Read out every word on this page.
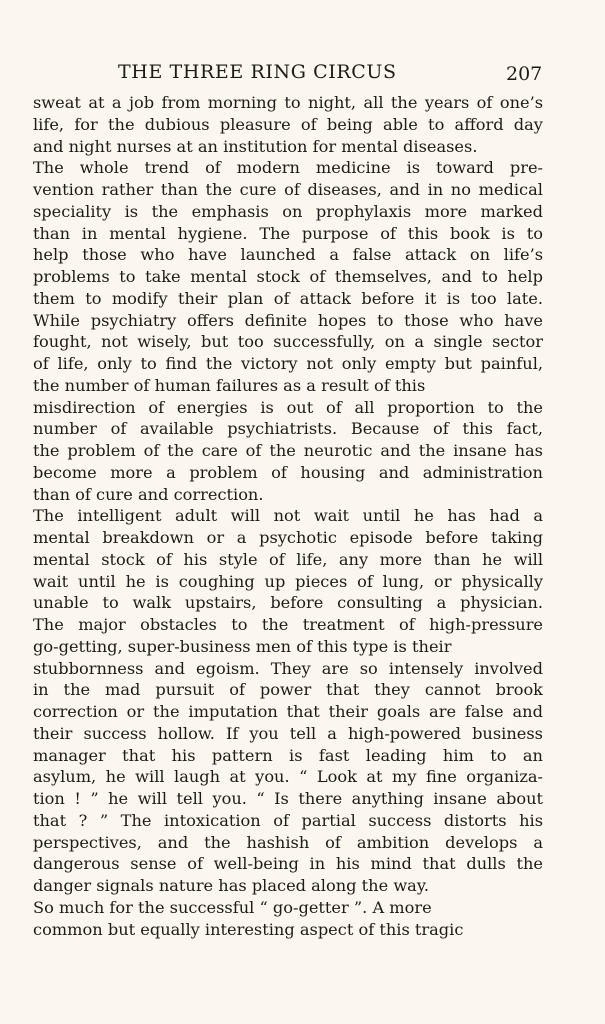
THE THREE RING CIRCUS	207
sweat at a job from morning to night, all the years of one’s
life, for the dubious pleasure of being able to afford day
and night nurses at an institution for mental diseases.
The whole trend of modern medicine is toward pre-
vention rather than the cure of diseases, and in no medical
speciality is the emphasis on prophylaxis more marked
than in mental hygiene. The purpose of this book is to
help those who have launched a false attack on life’s
problems to take mental stock of themselves, and to help
them to modify their plan of attack before it is too late.
While psychiatry offers definite hopes to those who have
fought, not wisely, but too successfully, on a single sector
of life, only to find the victory not only empty but painful,
the number of human failures as a result of this
misdirection of energies is out of all proportion to the
number of available psychiatrists. Because of this fact,
the problem of the care of the neurotic and the insane has
become more a problem of housing and administration
than of cure and correction.
The intelligent adult will not wait until he has had a
mental breakdown or a psychotic episode before taking
mental stock of his style of life, any more than he will
wait until he is coughing up pieces of lung, or physically
unable to walk upstairs, before consulting a physician.
The major obstacles to the treatment of high-pressure
go-getting, super-business men of this type is their
stubbornness and egoism. They are so intensely involved
in the mad pursuit of power that they cannot brook
correction or the imputation that their goals are false and
their success hollow. If you tell a high-powered business
manager that his pattern is fast leading him to an
asylum, he will laugh at you. “ Look at my fine organiza-
tion ! ” he will tell you. “ Is there anything insane about
that ? ” The intoxication of partial success distorts his
perspectives, and the hashish of ambition develops a
dangerous sense of well-being in his mind that dulls the
danger signals nature has placed along the way.
So much for the successful “ go-getter ”. A more
common but equally interesting aspect of this tragic
